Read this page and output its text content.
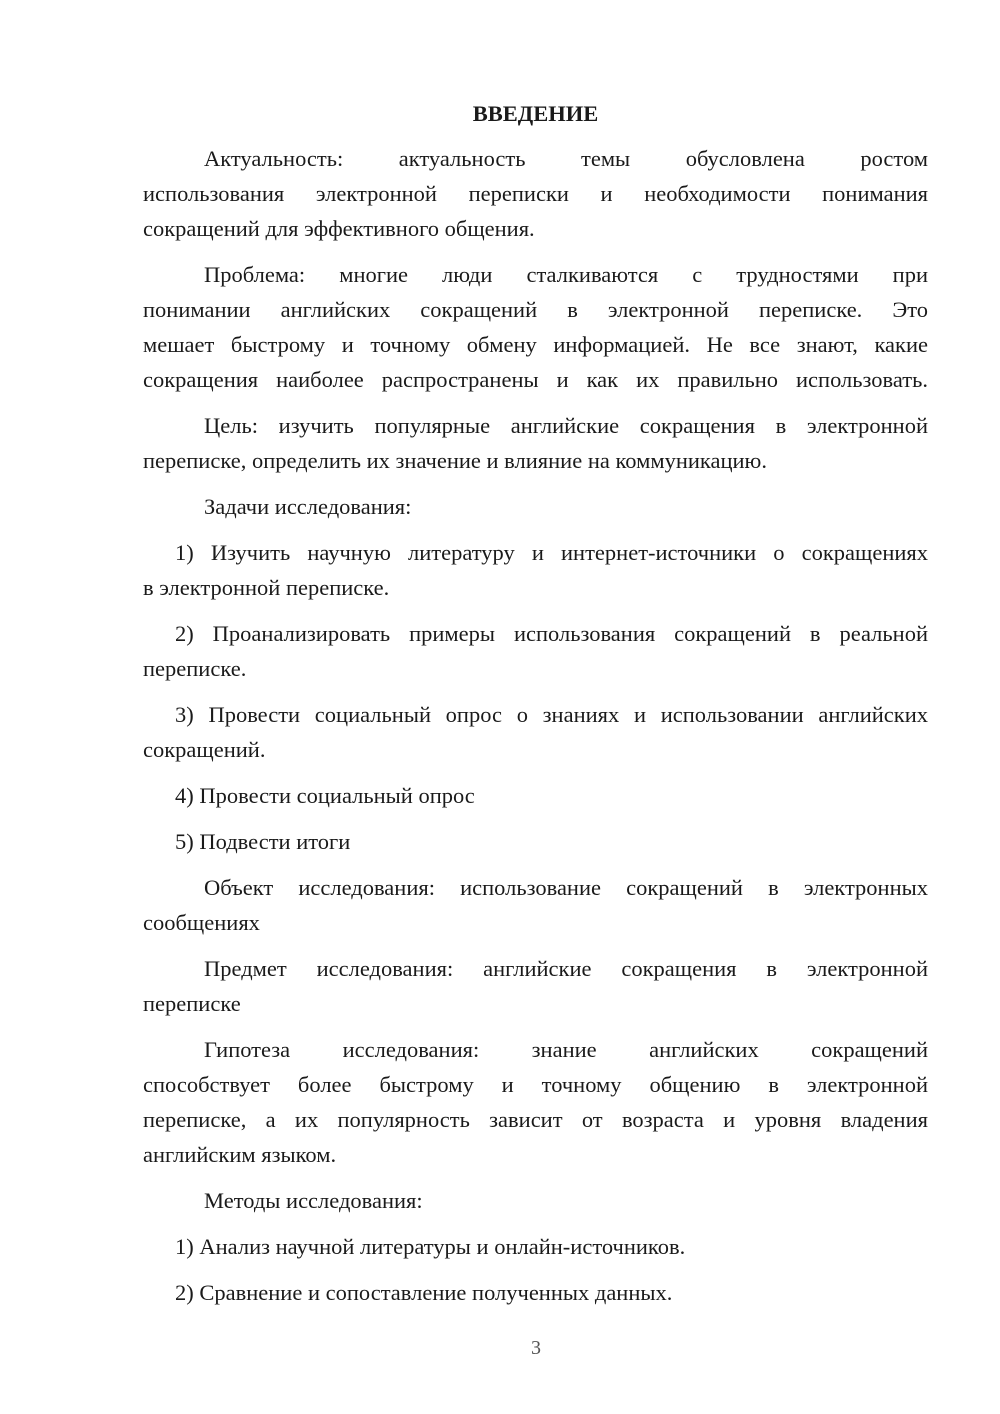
ВВЕДЕНИЕ
Актуальность: актуальность темы обусловлена ростом
использования электронной переписки и необходимости понимания
сокращений для эффективного общения.
Проблема: многие люди сталкиваются с трудностями при
понимании английских сокращений в электронной переписке. Это
мешает быстрому и точному обмену информацией. Не все знают, какие
сокращения наиболее распространены и как их правильно использовать.
Цель: изучить популярные английские сокращения в электронной
переписке, определить их значение и влияние на коммуникацию.
Задачи исследования:
1) Изучить научную литературу и интернет-источники о сокращениях
в электронной переписке.
2) Проанализировать примеры использования сокращений в реальной
переписке.
3) Провести социальный опрос о знаниях и использовании английских
сокращений.
4) Провести социальный опрос
5) Подвести итоги
Объект исследования: использование сокращений в электронных
сообщениях
Предмет исследования: английские сокращения в электронной
переписке
Гипотеза исследования: знание английских сокращений
способствует более быстрому и точному общению в электронной
переписке, а их популярность зависит от возраста и уровня владения
английским языком.
Методы исследования:
1) Анализ научной литературы и онлайн-источников.
2) Сравнение и сопоставление полученных данных.
3
